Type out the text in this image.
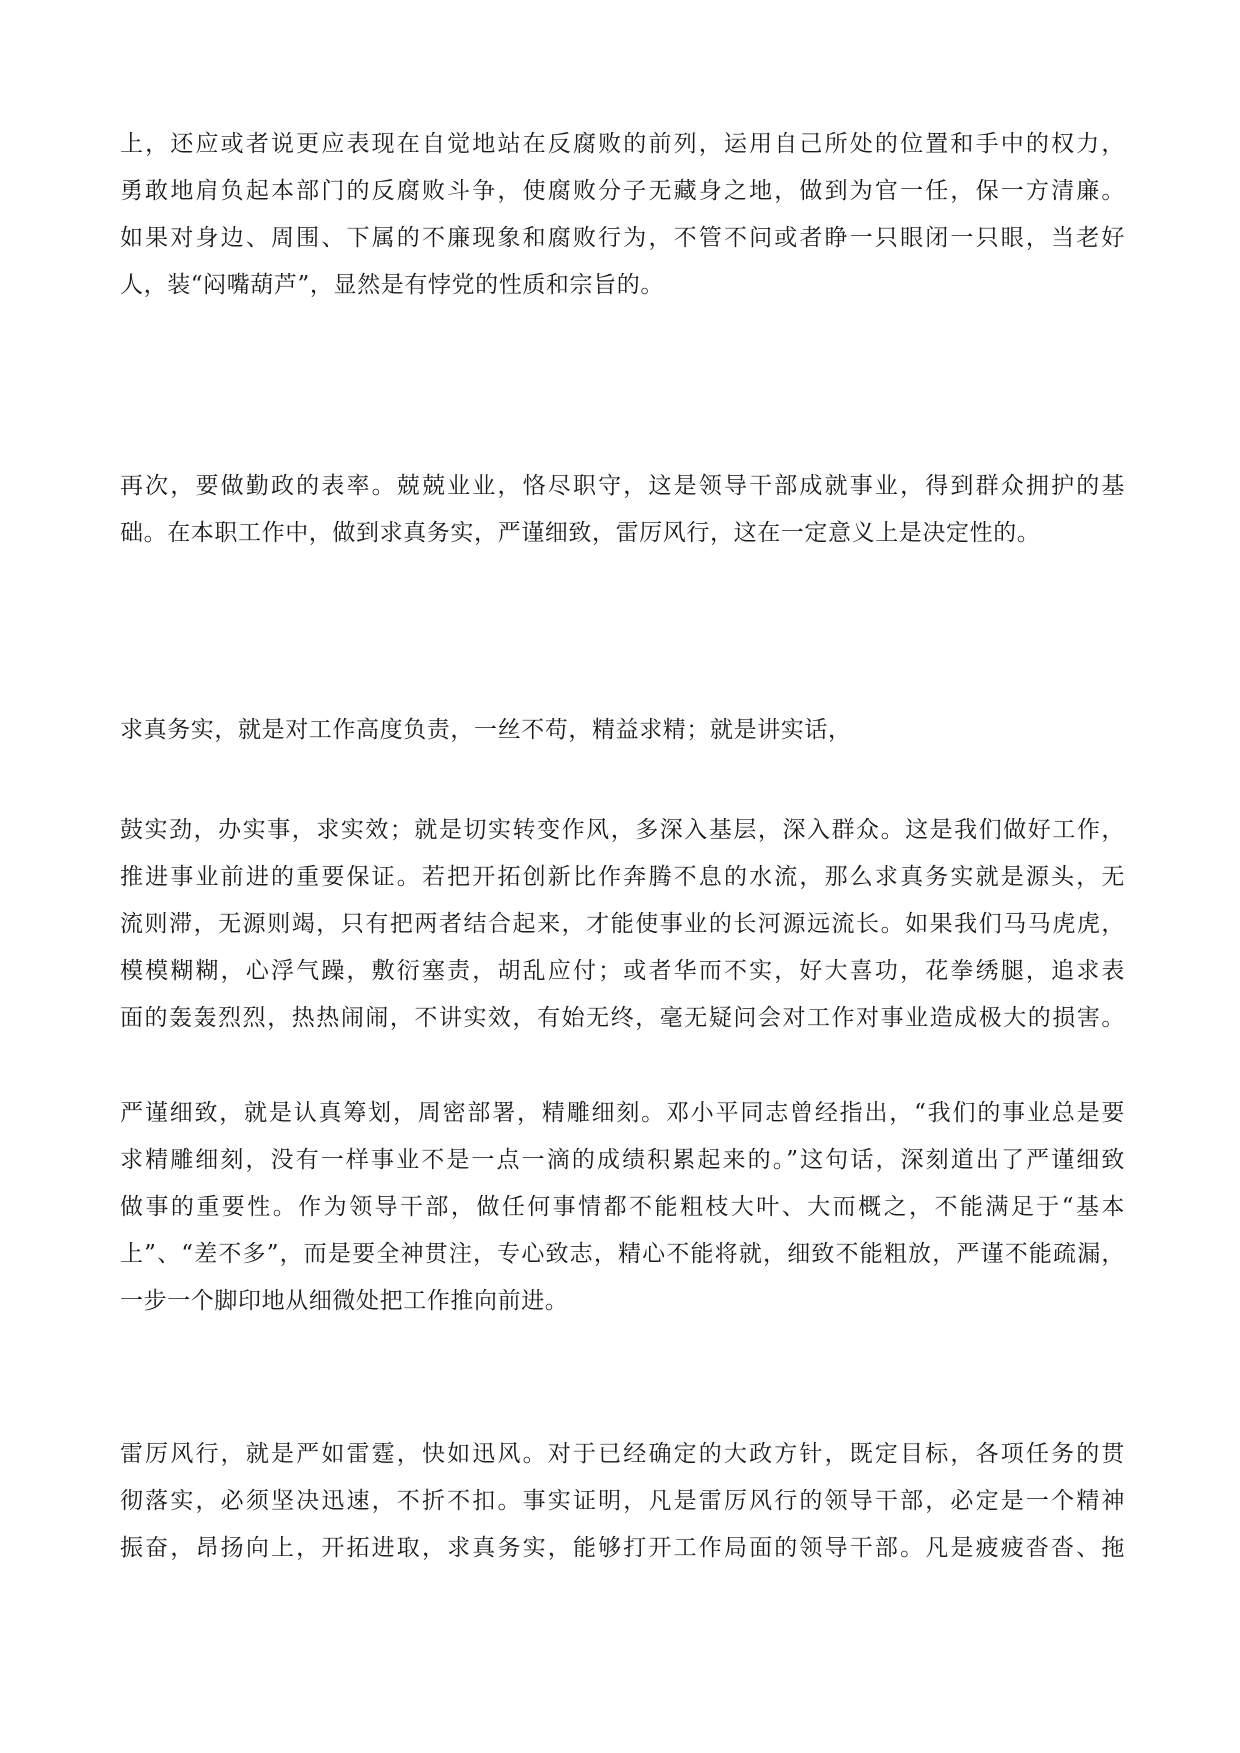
上，还应或者说更应表现在自觉地站在反腐败的前列，运用自己所处的位置和手中的权力，
勇敢地肩负起本部门的反腐败斗争，使腐败分子无藏身之地，做到为官一任，保一方清廉。
如果对身边、周围、下属的不廉现象和腐败行为，不管不问或者睁一只眼闭一只眼，当老好
人，装“闷嘴葫芦”，显然是有悖党的性质和宗旨的。
再次，要做勤政的表率。兢兢业业，恪尽职守，这是领导干部成就事业，得到群众拥护的基
础。在本职工作中，做到求真务实，严谨细致，雷厉风行，这在一定意义上是决定性的。
求真务实，就是对工作高度负责，一丝不苟，精益求精；就是讲实话，
鼓实劲，办实事，求实效；就是切实转变作风，多深入基层，深入群众。这是我们做好工作，
推进事业前进的重要保证。若把开拓创新比作奔腾不息的水流，那么求真务实就是源头，无
流则滞，无源则竭，只有把两者结合起来，才能使事业的长河源远流长。如果我们马马虎虎，
模模糊糊，心浮气躁，敷衍塞责，胡乱应付；或者华而不实，好大喜功，花拳绣腿，追求表
面的轰轰烈烈，热热闹闹，不讲实效，有始无终，毫无疑问会对工作对事业造成极大的损害。
严谨细致，就是认真筹划，周密部署，精雕细刻。邓小平同志曾经指出，“我们的事业总是要
求精雕细刻，没有一样事业不是一点一滴的成绩积累起来的。”这句话，深刻道出了严谨细致
做事的重要性。作为领导干部，做任何事情都不能粗枝大叶、大而概之，不能满足于“基本
上”、“差不多”，而是要全神贯注，专心致志，精心不能将就，细致不能粗放，严谨不能疏漏，
一步一个脚印地从细微处把工作推向前进。
雷厉风行，就是严如雷霆，快如迅风。对于已经确定的大政方针，既定目标，各项任务的贯
彻落实，必须坚决迅速，不折不扣。事实证明，凡是雷厉风行的领导干部，必定是一个精神
振奋，昂扬向上，开拓进取，求真务实，能够打开工作局面的领导干部。凡是疲疲沓沓、拖
